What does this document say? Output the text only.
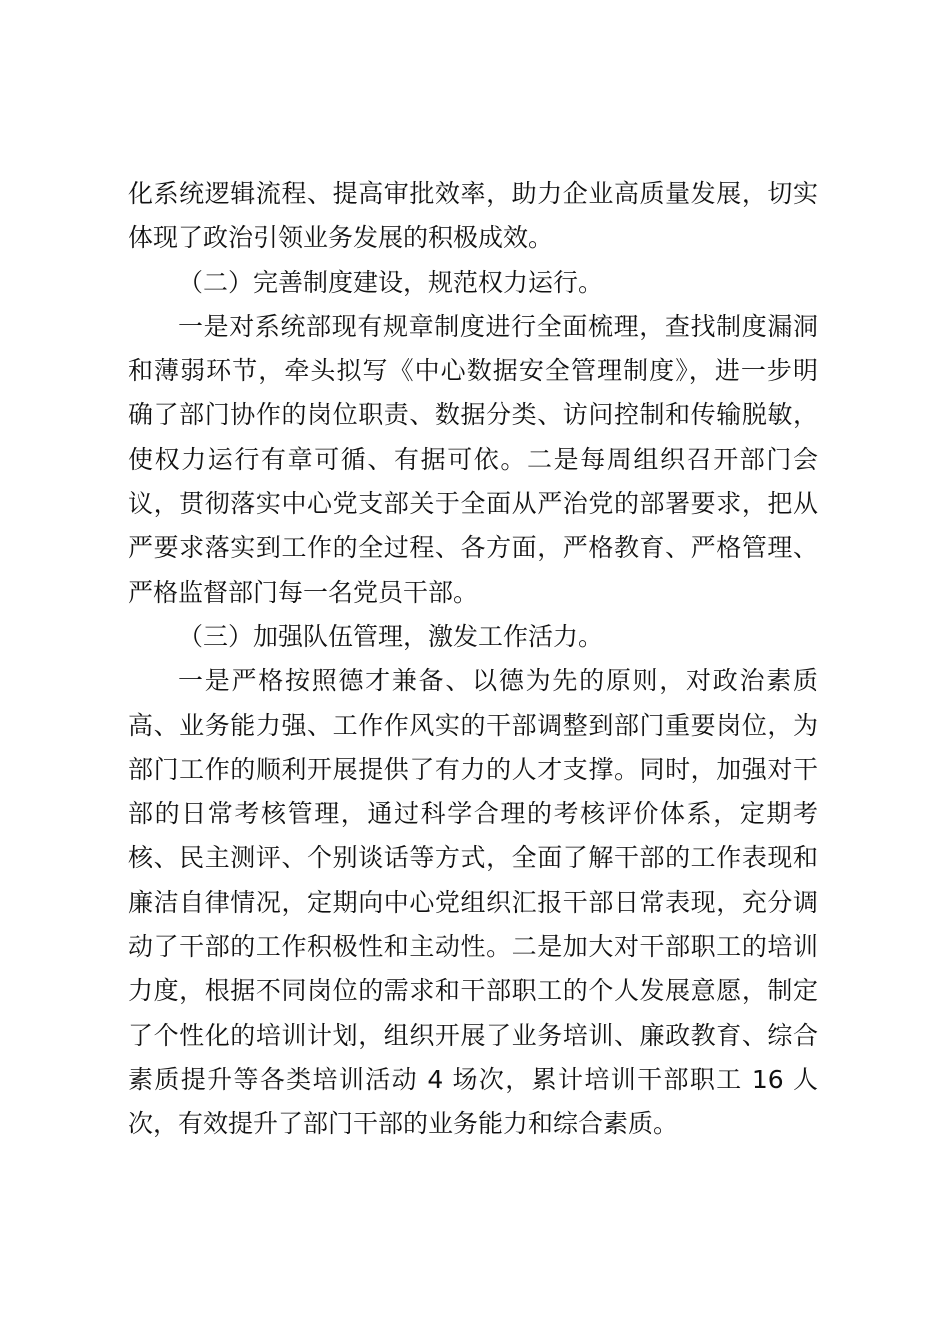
化系统逻辑流程、提高审批效率，助力企业高质量发展，切实
体现了政治引领业务发展的积极成效。
（二）完善制度建设，规范权力运行。
一是对系统部现有规章制度进行全面梳理，查找制度漏洞
和薄弱环节，牵头拟写《中心数据安全管理制度》，进一步明
确了部门协作的岗位职责、数据分类、访问控制和传输脱敏，
使权力运行有章可循、有据可依。二是每周组织召开部门会
议，贯彻落实中心党支部关于全面从严治党的部署要求，把从
严要求落实到工作的全过程、各方面，严格教育、严格管理、
严格监督部门每一名党员干部。
（三）加强队伍管理，激发工作活力。
一是严格按照德才兼备、以德为先的原则，对政治素质
高、业务能力强、工作作风实的干部调整到部门重要岗位，为
部门工作的顺利开展提供了有力的人才支撑。同时，加强对干
部的日常考核管理，通过科学合理的考核评价体系，定期考
核、民主测评、个别谈话等方式，全面了解干部的工作表现和
廉洁自律情况，定期向中心党组织汇报干部日常表现，充分调
动了干部的工作积极性和主动性。二是加大对干部职工的培训
力度，根据不同岗位的需求和干部职工的个人发展意愿，制定
了个性化的培训计划，组织开展了业务培训、廉政教育、综合
素质提升等各类培训活动 4 场次，累计培训干部职工 16 人
次，有效提升了部门干部的业务能力和综合素质。
